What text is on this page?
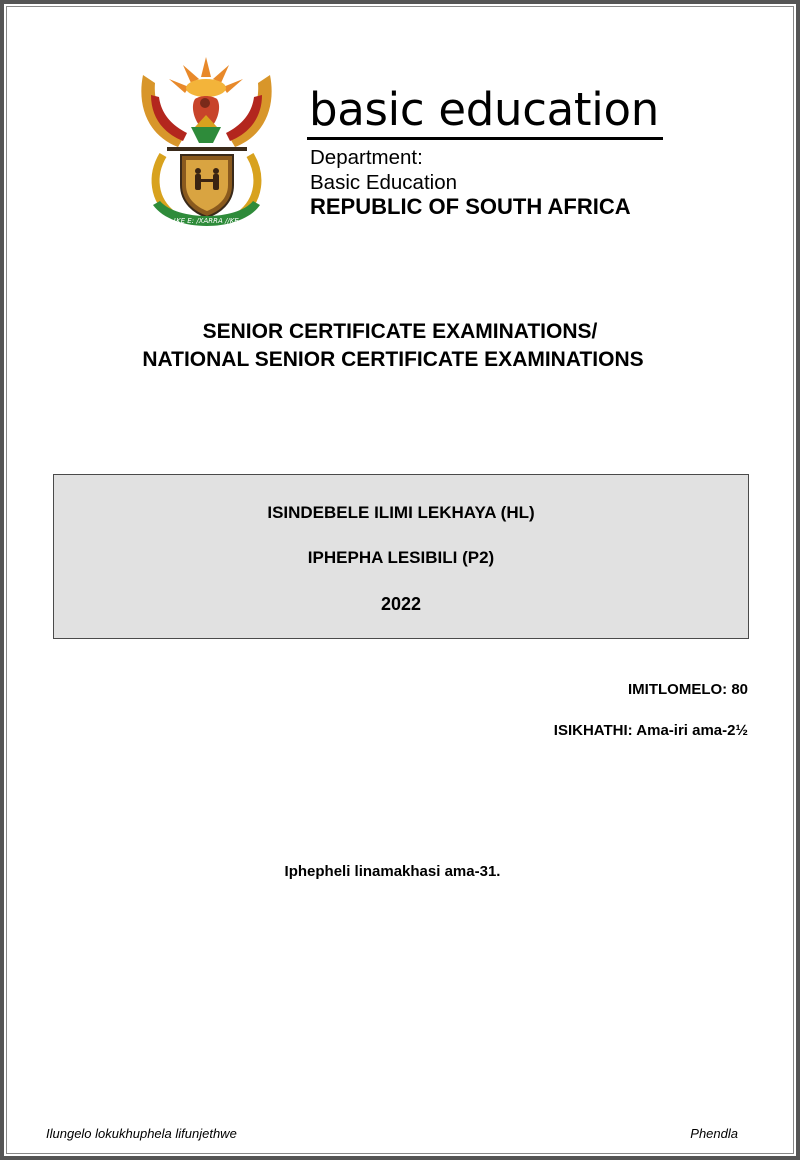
!KE E: /XARRA //KE
basic education
Department:
Basic Education
REPUBLIC OF SOUTH AFRICA
SENIOR CERTIFICATE EXAMINATIONS/
NATIONAL SENIOR CERTIFICATE EXAMINATIONS
ISINDEBELE ILIMI LEKHAYA (HL)
IPHEPHA LESIBILI (P2)
2022
IMITLOMELO: 80
ISIKHATHI: Ama-iri ama-2½
Iphepheli linamakhasi ama-31.
Ilungelo lokukhuphela lifunjethwe	Phendla
